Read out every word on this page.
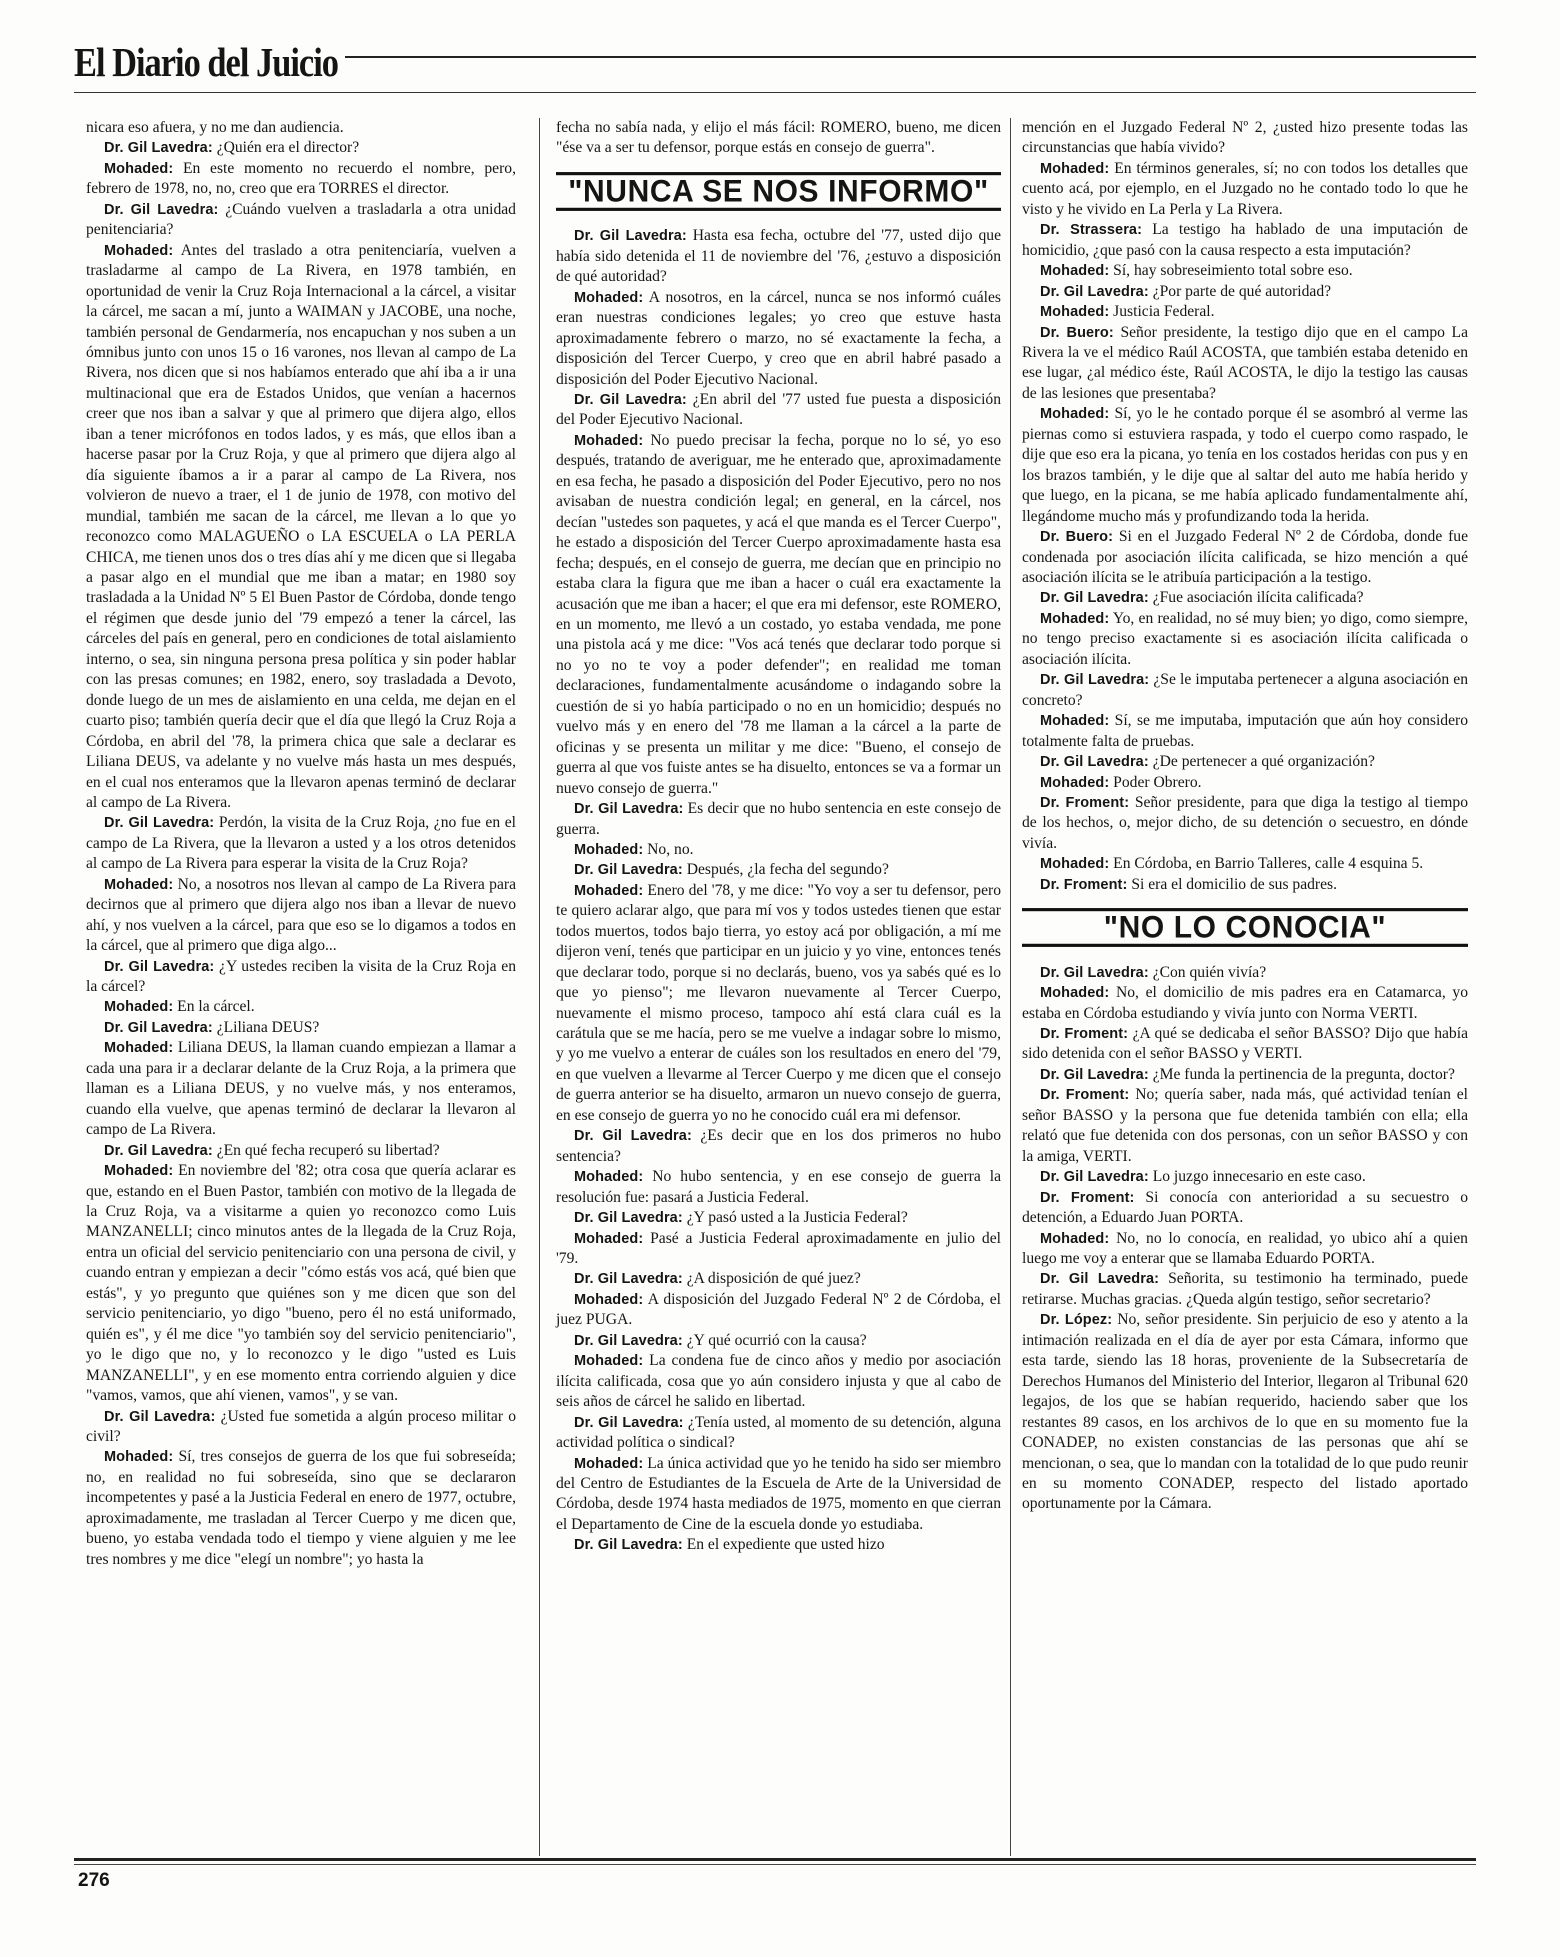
El Diario del Juicio

nicara eso afuera, y no me dan audiencia.

Dr. Gil Lavedra: ¿Quién era el director?

Mohaded: En este momento no recuerdo el nombre, pero, febrero de 1978, no, no, creo que era TORRES el director.

Dr. Gil Lavedra: ¿Cuándo vuelven a trasladarla a otra unidad penitenciaria?

Mohaded: Antes del traslado a otra penitenciaría, vuelven a trasladarme al campo de La Rivera, en 1978 también, en oportunidad de venir la Cruz Roja Internacional a la cárcel, a visitar la cárcel, me sacan a mí, junto a WAIMAN y JACOBE, una noche, también personal de Gendarmería, nos encapuchan y nos suben a un ómnibus junto con unos 15 o 16 varones, nos llevan al campo de La Rivera, nos dicen que si nos habíamos enterado que ahí iba a ir una multinacional que era de Estados Unidos, que venían a hacernos creer que nos iban a salvar y que al primero que dijera algo, ellos iban a tener micrófonos en todos lados, y es más, que ellos iban a hacerse pasar por la Cruz Roja, y que al primero que dijera algo al día siguiente íbamos a ir a parar al campo de La Rivera, nos volvieron de nuevo a traer, el 1 de junio de 1978, con motivo del mundial, también me sacan de la cárcel, me llevan a lo que yo reconozco como MALAGUEÑO o LA ESCUELA o LA PERLA CHICA, me tienen unos dos o tres días ahí y me dicen que si llegaba a pasar algo en el mundial que me iban a matar; en 1980 soy trasladada a la Unidad Nº 5 El Buen Pastor de Córdoba, donde tengo el régimen que desde junio del '79 empezó a tener la cárcel, las cárceles del país en general, pero en condiciones de total aislamiento interno, o sea, sin ninguna persona presa política y sin poder hablar con las presas comunes; en 1982, enero, soy trasladada a Devoto, donde luego de un mes de aislamiento en una celda, me dejan en el cuarto piso; también quería decir que el día que llegó la Cruz Roja a Córdoba, en abril del '78, la primera chica que sale a declarar es Liliana DEUS, va adelante y no vuelve más hasta un mes después, en el cual nos enteramos que la llevaron apenas terminó de declarar al campo de La Rivera.

Dr. Gil Lavedra: Perdón, la visita de la Cruz Roja, ¿no fue en el campo de La Rivera, que la llevaron a usted y a los otros detenidos al campo de La Rivera para esperar la visita de la Cruz Roja?

Mohaded: No, a nosotros nos llevan al campo de La Rivera para decirnos que al primero que dijera algo nos iban a llevar de nuevo ahí, y nos vuelven a la cárcel, para que eso se lo digamos a todos en la cárcel, que al primero que diga algo...

Dr. Gil Lavedra: ¿Y ustedes reciben la visita de la Cruz Roja en la cárcel?

Mohaded: En la cárcel.

Dr. Gil Lavedra: ¿Liliana DEUS?

Mohaded: Liliana DEUS, la llaman cuando empiezan a llamar a cada una para ir a declarar delante de la Cruz Roja, a la primera que llaman es a Liliana DEUS, y no vuelve más, y nos enteramos, cuando ella vuelve, que apenas terminó de declarar la llevaron al campo de La Rivera.

Dr. Gil Lavedra: ¿En qué fecha recuperó su libertad?

Mohaded: En noviembre del '82; otra cosa que quería aclarar es que, estando en el Buen Pastor, también con motivo de la llegada de la Cruz Roja, va a visitarme a quien yo reconozco como Luis MANZANELLI; cinco minutos antes de la llegada de la Cruz Roja, entra un oficial del servicio penitenciario con una persona de civil, y cuando entran y empiezan a decir "cómo estás vos acá, qué bien que estás", y yo pregunto que quiénes son y me dicen que son del servicio penitenciario, yo digo "bueno, pero él no está uniformado, quién es", y él me dice "yo también soy del servicio penitenciario", yo le digo que no, y lo reconozco y le digo "usted es Luis MANZANELLI", y en ese momento entra corriendo alguien y dice "vamos, vamos, que ahí vienen, vamos", y se van.

Dr. Gil Lavedra: ¿Usted fue sometida a algún proceso militar o civil?

Mohaded: Sí, tres consejos de guerra de los que fui sobreseída; no, en realidad no fui sobreseída, sino que se declararon incompetentes y pasé a la Justicia Federal en enero de 1977, octubre, aproximadamente, me trasladan al Tercer Cuerpo y me dicen que, bueno, yo estaba vendada todo el tiempo y viene alguien y me lee tres nombres y me dice "elegí un nombre"; yo hasta la

fecha no sabía nada, y elijo el más fácil: ROMERO, bueno, me dicen "ése va a ser tu defensor, porque estás en consejo de guerra".

"NUNCA SE NOS INFORMO"

Dr. Gil Lavedra: Hasta esa fecha, octubre del '77, usted dijo que había sido detenida el 11 de noviembre del '76, ¿estuvo a disposición de qué autoridad?

Mohaded: A nosotros, en la cárcel, nunca se nos informó cuáles eran nuestras condiciones legales; yo creo que estuve hasta aproximadamente febrero o marzo, no sé exactamente la fecha, a disposición del Tercer Cuerpo, y creo que en abril habré pasado a disposición del Poder Ejecutivo Nacional.

Dr. Gil Lavedra: ¿En abril del '77 usted fue puesta a disposición del Poder Ejecutivo Nacional.

Mohaded: No puedo precisar la fecha, porque no lo sé, yo eso después, tratando de averiguar, me he enterado que, aproximadamente en esa fecha, he pasado a disposición del Poder Ejecutivo, pero no nos avisaban de nuestra condición legal; en general, en la cárcel, nos decían "ustedes son paquetes, y acá el que manda es el Tercer Cuerpo", he estado a disposición del Tercer Cuerpo aproximadamente hasta esa fecha; después, en el consejo de guerra, me decían que en principio no estaba clara la figura que me iban a hacer o cuál era exactamente la acusación que me iban a hacer; el que era mi defensor, este ROMERO, en un momento, me llevó a un costado, yo estaba vendada, me pone una pistola acá y me dice: "Vos acá tenés que declarar todo porque si no yo no te voy a poder defender"; en realidad me toman declaraciones, fundamentalmente acusándome o indagando sobre la cuestión de si yo había participado o no en un homicidio; después no vuelvo más y en enero del '78 me llaman a la cárcel a la parte de oficinas y se presenta un militar y me dice: "Bueno, el consejo de guerra al que vos fuiste antes se ha disuelto, entonces se va a formar un nuevo consejo de guerra."

Dr. Gil Lavedra: Es decir que no hubo sentencia en este consejo de guerra.

Mohaded: No, no.

Dr. Gil Lavedra: Después, ¿la fecha del segundo?

Mohaded: Enero del '78, y me dice: "Yo voy a ser tu defensor, pero te quiero aclarar algo, que para mí vos y todos ustedes tienen que estar todos muertos, todos bajo tierra, yo estoy acá por obligación, a mí me dijeron vení, tenés que participar en un juicio y yo vine, entonces tenés que declarar todo, porque si no declarás, bueno, vos ya sabés qué es lo que yo pienso"; me llevaron nuevamente al Tercer Cuerpo, nuevamente el mismo proceso, tampoco ahí está clara cuál es la carátula que se me hacía, pero se me vuelve a indagar sobre lo mismo, y yo me vuelvo a enterar de cuáles son los resultados en enero del '79, en que vuelven a llevarme al Tercer Cuerpo y me dicen que el consejo de guerra anterior se ha disuelto, armaron un nuevo consejo de guerra, en ese consejo de guerra yo no he conocido cuál era mi defensor.

Dr. Gil Lavedra: ¿Es decir que en los dos primeros no hubo sentencia?

Mohaded: No hubo sentencia, y en ese consejo de guerra la resolución fue: pasará a Justicia Federal.

Dr. Gil Lavedra: ¿Y pasó usted a la Justicia Federal?

Mohaded: Pasé a Justicia Federal aproximadamente en julio del '79.

Dr. Gil Lavedra: ¿A disposición de qué juez?

Mohaded: A disposición del Juzgado Federal Nº 2 de Córdoba, el juez PUGA.

Dr. Gil Lavedra: ¿Y qué ocurrió con la causa?

Mohaded: La condena fue de cinco años y medio por asociación ilícita calificada, cosa que yo aún considero injusta y que al cabo de seis años de cárcel he salido en libertad.

Dr. Gil Lavedra: ¿Tenía usted, al momento de su detención, alguna actividad política o sindical?

Mohaded: La única actividad que yo he tenido ha sido ser miembro del Centro de Estudiantes de la Escuela de Arte de la Universidad de Córdoba, desde 1974 hasta mediados de 1975, momento en que cierran el Departamento de Cine de la escuela donde yo estudiaba.

Dr. Gil Lavedra: En el expediente que usted hizo

mención en el Juzgado Federal Nº 2, ¿usted hizo presente todas las circunstancias que había vivido?

Mohaded: En términos generales, sí; no con todos los detalles que cuento acá, por ejemplo, en el Juzgado no he contado todo lo que he visto y he vivido en La Perla y La Rivera.

Dr. Strassera: La testigo ha hablado de una imputación de homicidio, ¿que pasó con la causa respecto a esta imputación?

Mohaded: Sí, hay sobreseimiento total sobre eso.

Dr. Gil Lavedra: ¿Por parte de qué autoridad?

Mohaded: Justicia Federal.

Dr. Buero: Señor presidente, la testigo dijo que en el campo La Rivera la ve el médico Raúl ACOSTA, que también estaba detenido en ese lugar, ¿al médico éste, Raúl ACOSTA, le dijo la testigo las causas de las lesiones que presentaba?

Mohaded: Sí, yo le he contado porque él se asombró al verme las piernas como si estuviera raspada, y todo el cuerpo como raspado, le dije que eso era la picana, yo tenía en los costados heridas con pus y en los brazos también, y le dije que al saltar del auto me había herido y que luego, en la picana, se me había aplicado fundamentalmente ahí, llegándome mucho más y profundizando toda la herida.

Dr. Buero: Si en el Juzgado Federal Nº 2 de Córdoba, donde fue condenada por asociación ilícita calificada, se hizo mención a qué asociación ilícita se le atribuía participación a la testigo.

Dr. Gil Lavedra: ¿Fue asociación ilícita calificada?

Mohaded: Yo, en realidad, no sé muy bien; yo digo, como siempre, no tengo preciso exactamente si es asociación ilícita calificada o asociación ilícita.

Dr. Gil Lavedra: ¿Se le imputaba pertenecer a alguna asociación en concreto?

Mohaded: Sí, se me imputaba, imputación que aún hoy considero totalmente falta de pruebas.

Dr. Gil Lavedra: ¿De pertenecer a qué organización?

Mohaded: Poder Obrero.

Dr. Froment: Señor presidente, para que diga la testigo al tiempo de los hechos, o, mejor dicho, de su detención o secuestro, en dónde vivía.

Mohaded: En Córdoba, en Barrio Talleres, calle 4 esquina 5.

Dr. Froment: Si era el domicilio de sus padres.

"NO LO CONOCIA"

Dr. Gil Lavedra: ¿Con quién vivía?

Mohaded: No, el domicilio de mis padres era en Catamarca, yo estaba en Córdoba estudiando y vivía junto con Norma VERTI.

Dr. Froment: ¿A qué se dedicaba el señor BASSO? Dijo que había sido detenida con el señor BASSO y VERTI.

Dr. Gil Lavedra: ¿Me funda la pertinencia de la pregunta, doctor?

Dr. Froment: No; quería saber, nada más, qué actividad tenían el señor BASSO y la persona que fue detenida también con ella; ella relató que fue detenida con dos personas, con un señor BASSO y con la amiga, VERTI.

Dr. Gil Lavedra: Lo juzgo innecesario en este caso.

Dr. Froment: Si conocía con anterioridad a su secuestro o detención, a Eduardo Juan PORTA.

Mohaded: No, no lo conocía, en realidad, yo ubico ahí a quien luego me voy a enterar que se llamaba Eduardo PORTA.

Dr. Gil Lavedra: Señorita, su testimonio ha terminado, puede retirarse. Muchas gracias. ¿Queda algún testigo, señor secretario?

Dr. López: No, señor presidente. Sin perjuicio de eso y atento a la intimación realizada en el día de ayer por esta Cámara, informo que esta tarde, siendo las 18 horas, proveniente de la Subsecretaría de Derechos Humanos del Ministerio del Interior, llegaron al Tribunal 620 legajos, de los que se habían requerido, haciendo saber que los restantes 89 casos, en los archivos de lo que en su momento fue la CONADEP, no existen constancias de las personas que ahí se mencionan, o sea, que lo mandan con la totalidad de lo que pudo reunir en su momento CONADEP, respecto del listado aportado oportunamente por la Cámara.

276
